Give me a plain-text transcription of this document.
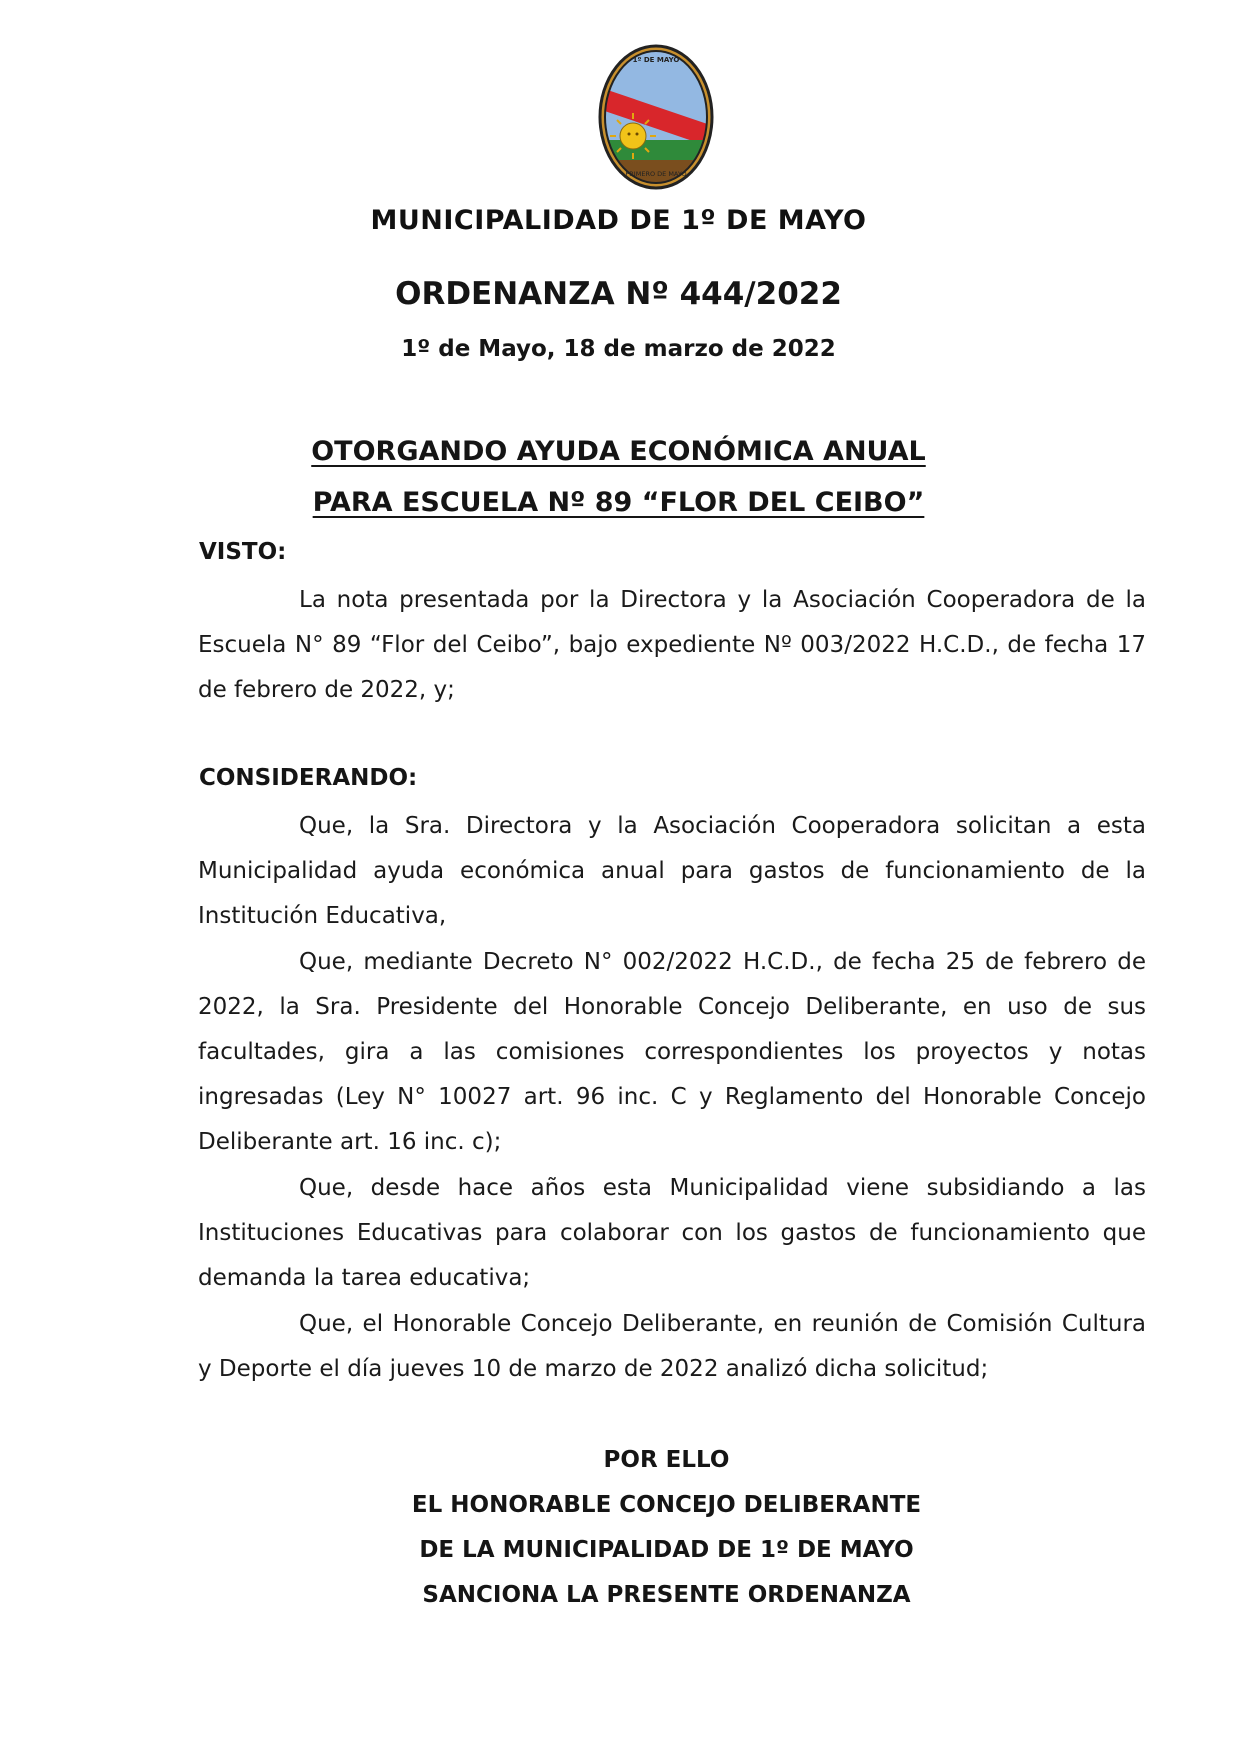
1º DE MAYO
PRIMERO DE MAYO
MUNICIPALIDAD DE 1º DE MAYO
ORDENANZA Nº 444/2022
1º de Mayo, 18 de marzo de 2022
OTORGANDO AYUDA ECONÓMICA ANUAL
PARA ESCUELA Nº 89 “FLOR DEL CEIBO”
VISTO:

La nota presentada por la Directora y la Asociación Cooperadora de la Escuela N° 89 “Flor del Ceibo”, bajo expediente Nº 003/2022 H.C.D., de fecha 17 de febrero de 2022, y;

CONSIDERANDO:

Que, la Sra. Directora y la Asociación Cooperadora solicitan a esta Municipalidad ayuda económica anual para gastos de funcionamiento de la Institución Educativa,

Que, mediante Decreto N° 002/2022 H.C.D., de fecha 25 de febrero de 2022, la Sra. Presidente del Honorable Concejo Deliberante, en uso de sus facultades, gira a las comisiones correspondientes los proyectos y notas ingresadas (Ley N° 10027 art. 96 inc. C y Reglamento del Honorable Concejo Deliberante art. 16 inc. c);

Que, desde hace años esta Municipalidad viene subsidiando a las Instituciones Educativas para colaborar con los gastos de funcionamiento que demanda la tarea educativa;

Que, el Honorable Concejo Deliberante, en reunión de Comisión Cultura y Deporte el día jueves 10 de marzo de 2022 analizó dicha solicitud;

POR ELLO
EL HONORABLE CONCEJO DELIBERANTE
DE LA MUNICIPALIDAD DE 1º DE MAYO
SANCIONA LA PRESENTE ORDENANZA
